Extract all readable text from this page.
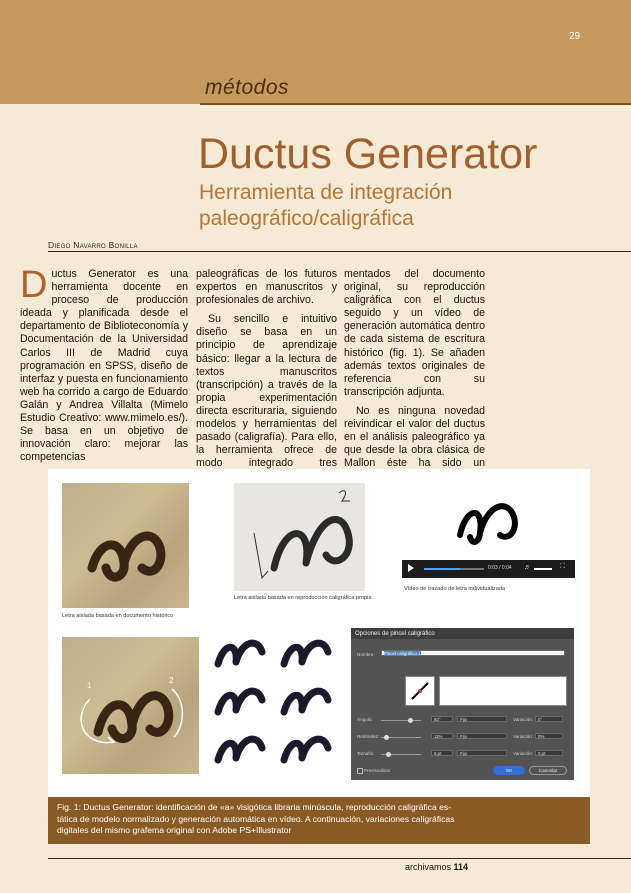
29
métodos
Ductus Generator
Herramienta de integración
paleográfico/caligráfica
Diego Navarro Bonilla
Ductus Generator es una herramienta docente en proceso de producción ideada y planificada desde el departamento de Biblioteconomía y Documentación de la Universidad Carlos III de Madrid cuya programación en SPSS, diseño de interfaz y puesta en funcionamiento web ha corrido a cargo de Eduardo Galán y Andrea Villalta (Mimelo Estudio Creativo: www.mimelo.es/). Se basa en un objetivo de innovación claro: mejorar las competencias
paleográficas de los futuros expertos en manuscritos y profesionales de archivo.
Su sencillo e intuitivo diseño se basa en un principio de aprendizaje básico: llegar a la lectura de textos manuscritos (transcripción) a través de la propia experimentación directa escrituraria, siguiendo modelos y herramientas del pasado (caligrafía). Para ello, la herramienta ofrece de modo integrado tres
mentados del documento original, su reproducción caligráfica con el ductus seguido y un vídeo de generación automática dentro de cada sistema de escritura histórico (fig. 1). Se añaden además textos originales de referencia con su transcripción adjunta.
No es ninguna novedad reivindicar el valor del ductus en el análisis paleográfico ya que desde la obra clásica de Mallon éste ha sido un
Letra aislada basada en documento histórico
Letra aislada basada en reproducción caligráfica propia
0:03 / 0:04 ♬	⛶
Vídeo de trazado de letra individualizada
1
2
Opciones de pincel caligráfico
Nombre:	Pincel caligráfico 1
Ángulo:	92°	Fijo	Variación:	0°
Redondez:	11%	Fijo	Variación:	0%
Tamaño:	5 pt	Fijo	Variación:	0 pt
Previsualizar	OK	Cancelar
Fig. 1: Ductus Generator: identificación de «a» visigótica libraria minúscula, reproducción caligráfica es-
tática de modelo normalizado y generación automática en vídeo. A continuación, variaciones caligráficas
digitales del mismo grafema original con Adobe PS+Illustrator
archivamos 114
